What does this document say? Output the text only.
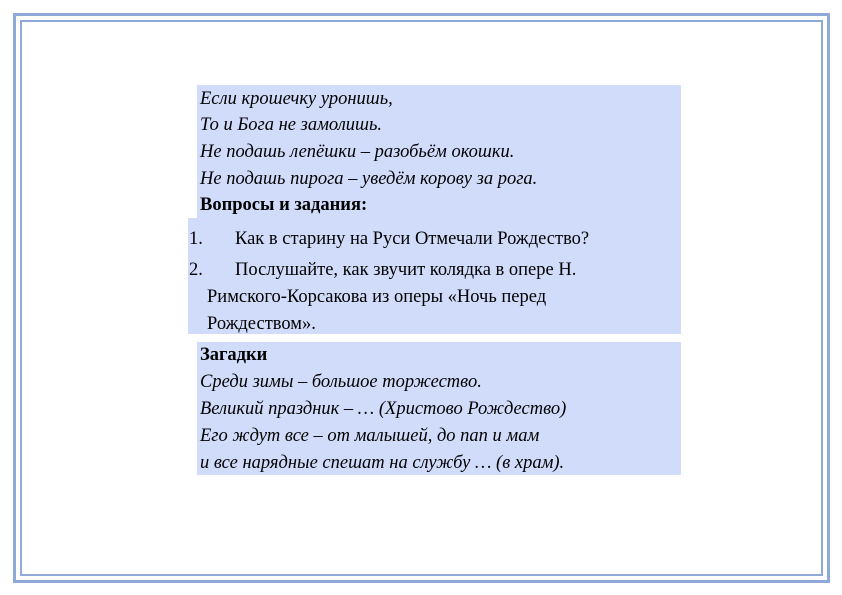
Если крошечку уронишь,
То и Бога не замолишь.
Не подашь лепёшки – разобьём окошки.
Не подашь пирога – уведём корову за рога.
Вопросы и задания:
1. Как в старину на Руси Отмечали Рождество?
2. Послушайте, как звучит колядка в опере Н.
Римского-Корсакова из оперы «Ночь перед
Рождеством».
Загадки
Среди зимы – большое торжество.
Великий праздник – … (Христово Рождество)
Его ждут все – от малышей, до пап и мам
и все нарядные спешат на службу … (в храм).
